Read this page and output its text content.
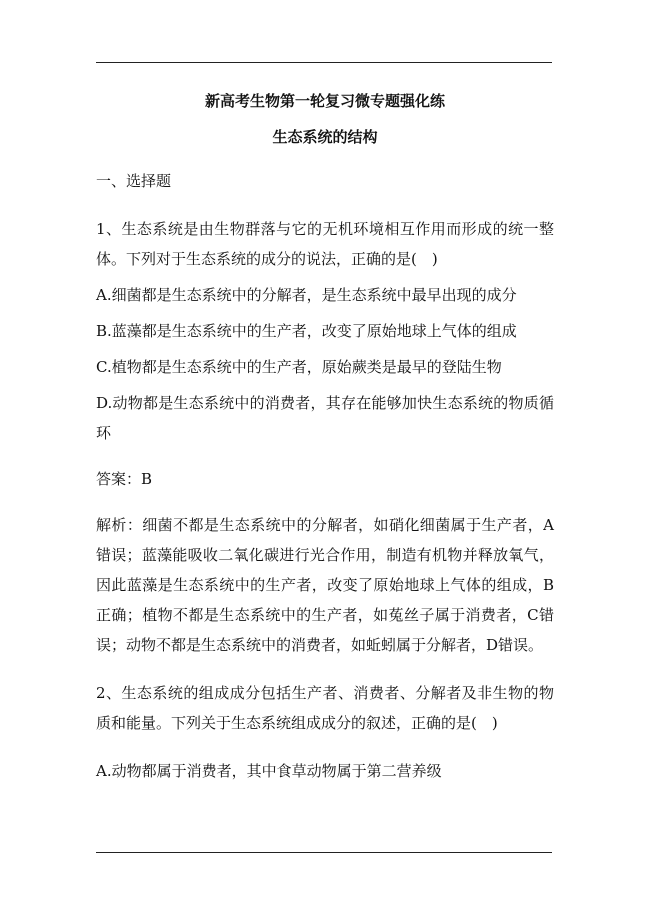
新高考生物第一轮复习微专题强化练

生态系统的结构

一、选择题

1、生态系统是由生物群落与它的无机环境相互作用而形成的统一整体。下列对于生态系统的成分的说法，正确的是(　)

A.细菌都是生态系统中的分解者，是生态系统中最早出现的成分

B.蓝藻都是生态系统中的生产者，改变了原始地球上气体的组成

C.植物都是生态系统中的生产者，原始蕨类是最早的登陆生物

D.动物都是生态系统中的消费者，其存在能够加快生态系统的物质循环

答案：B

解析：细菌不都是生态系统中的分解者，如硝化细菌属于生产者，A错误；蓝藻能吸收二氧化碳进行光合作用，制造有机物并释放氧气，因此蓝藻是生态系统中的生产者，改变了原始地球上气体的组成，B正确；植物不都是生态系统中的生产者，如菟丝子属于消费者，C错误；动物不都是生态系统中的消费者，如蚯蚓属于分解者，D错误。

2、生态系统的组成成分包括生产者、消费者、分解者及非生物的物质和能量。下列关于生态系统组成成分的叙述，正确的是(　)

A.动物都属于消费者，其中食草动物属于第二营养级
